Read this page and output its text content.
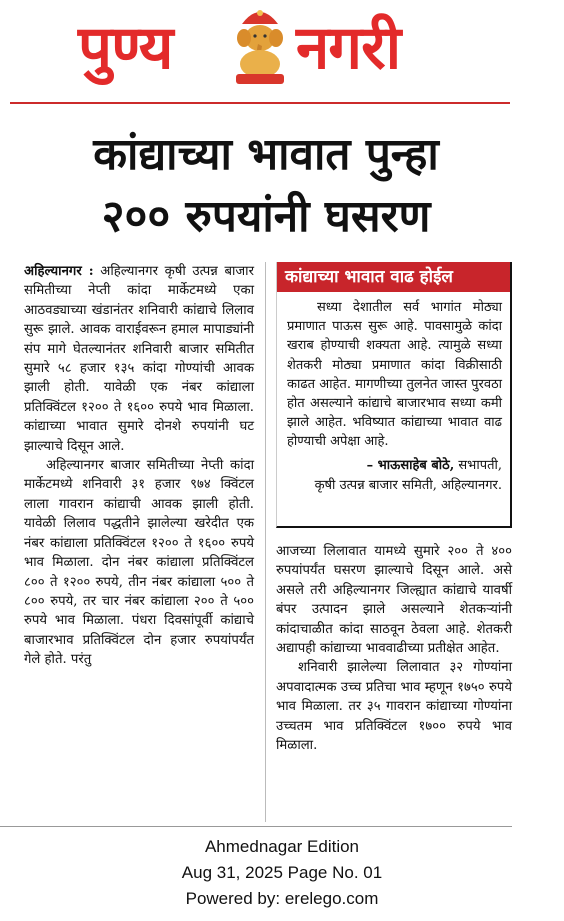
पुण्य नगरी
कांद्याच्या भावात पुन्हा
२०० रुपयांनी घसरण

अहिल्यानगर : अहिल्यानगर कृषी उत्पन्न बाजार समितीच्या नेप्ती कांदा मार्केटमध्ये एका आठवड्याच्या खंडानंतर शनिवारी कांद्याचे लिलाव सुरू झाले. आवक वाराईवरून हमाल मापाड्यांनी संप मागे घेतल्यानंतर शनिवारी बाजार समितीत सुमारे ५८ हजार १३५ कांदा गोण्यांची आवक झाली होती. यावेळी एक नंबर कांद्याला प्रतिक्विंटल १२०० ते १६०० रुपये भाव मिळाला. कांद्याच्या भावात सुमारे दोनशे रुपयांनी घट झाल्याचे दिसून आले.

अहिल्यानगर बाजार समितीच्या नेप्ती कांदा मार्केटमध्ये शनिवारी ३१ हजार ९७४ क्विंटल लाला गावरान कांद्याची आवक झाली होती. यावेळी लिलाव पद्धतीने झालेल्या खरेदीत एक नंबर कांद्याला प्रतिक्विंटल १२०० ते १६०० रुपये भाव मिळाला. दोन नंबर कांद्याला प्रतिक्विंटल ८०० ते १२०० रुपये, तीन नंबर कांद्याला ५०० ते ८०० रुपये, तर चार नंबर कांद्याला २०० ते ५०० रुपये भाव मिळाला. पंधरा दिवसांपूर्वी कांद्याचे बाजारभाव प्रतिक्विंटल दोन हजार रुपयांपर्यंत गेले होते. परंतु

कांद्याच्या भावात वाढ होईल
सध्या देशातील सर्व भागांत मोठ्या प्रमाणात पाऊस सुरू आहे. पावसामुळे कांदा खराब होण्याची शक्यता आहे. त्यामुळे सध्या शेतकरी मोठ्या प्रमाणात कांदा विक्रीसाठी काढत आहेत. मागणीच्या तुलनेत जास्त पुरवठा होत असल्याने कांद्याचे बाजारभाव सध्या कमी झाले आहेत. भविष्यात कांद्याच्या भावात वाढ होण्याची अपेक्षा आहे.
– भाऊसाहेब बोठे, सभापती,
कृषी उत्पन्न बाजार समिती, अहिल्यानगर.

आजच्या लिलावात यामध्ये सुमारे २०० ते ४०० रुपयांपर्यंत घसरण झाल्याचे दिसून आले. असे असले तरी अहिल्यानगर जिल्ह्यात कांद्याचे यावर्षी बंपर उत्पादन झाले असल्याने शेतकऱ्यांनी कांदाचाळीत कांदा साठवून ठेवला आहे. शेतकरी अद्यापही कांद्याच्या भाववाढीच्या प्रतीक्षेत आहेत.

शनिवारी झालेल्या लिलावात ३२ गोण्यांना अपवादात्मक उच्च प्रतिचा भाव म्हणून १७५० रुपये भाव मिळाला. तर ३५ गावरान कांद्याच्या गोण्यांना उच्चतम भाव प्रतिक्विंटल १७०० रुपये भाव मिळाला.

Ahmednagar Edition
Aug 31, 2025 Page No. 01
Powered by: erelego.com
